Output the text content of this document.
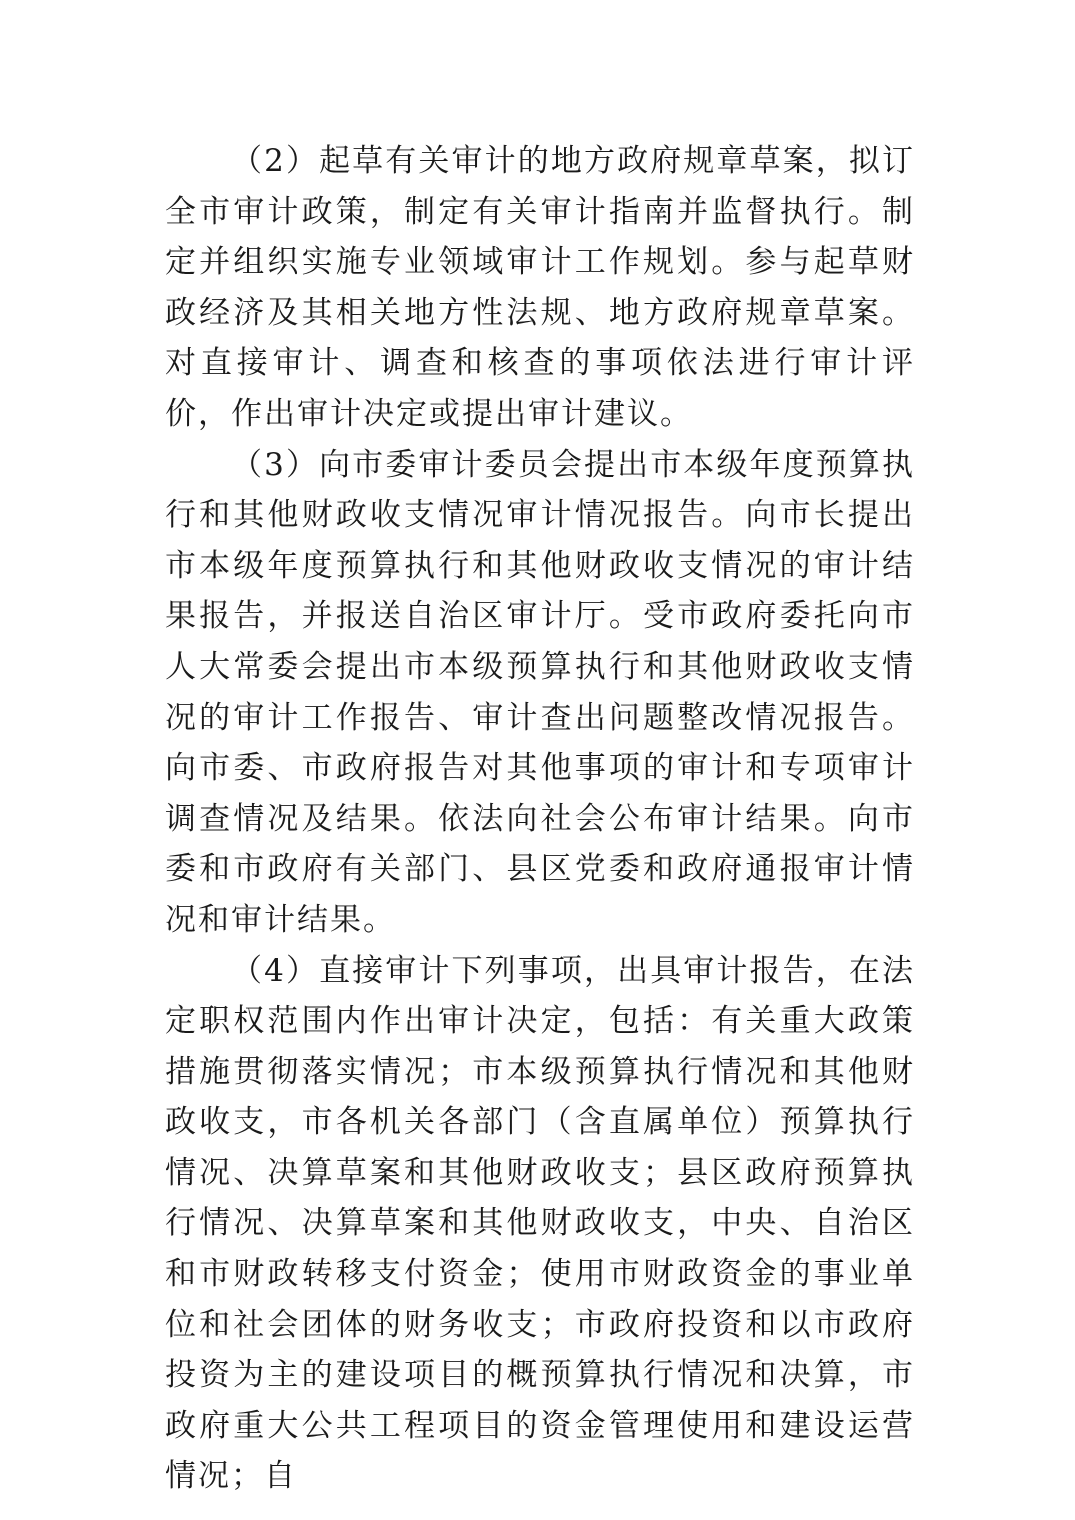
（2）起草有关审计的地方政府规章草案，拟订全市审计政策，制定有关审计指南并监督执行。制定并组织实施专业领域审计工作规划。参与起草财政经济及其相关地方性法规、地方政府规章草案。对直接审计、调查和核查的事项依法进行审计评价，作出审计决定或提出审计建议。

（3）向市委审计委员会提出市本级年度预算执行和其他财政收支情况审计情况报告。向市长提出市本级年度预算执行和其他财政收支情况的审计结果报告，并报送自治区审计厅。受市政府委托向市人大常委会提出市本级预算执行和其他财政收支情况的审计工作报告、审计查出问题整改情况报告。向市委、市政府报告对其他事项的审计和专项审计调查情况及结果。依法向社会公布审计结果。向市委和市政府有关部门、县区党委和政府通报审计情况和审计结果。

（4）直接审计下列事项，出具审计报告，在法定职权范围内作出审计决定，包括：有关重大政策措施贯彻落实情况；市本级预算执行情况和其他财政收支，市各机关各部门（含直属单位）预算执行情况、决算草案和其他财政收支；县区政府预算执行情况、决算草案和其他财政收支，中央、自治区和市财政转移支付资金；使用市财政资金的事业单位和社会团体的财务收支；市政府投资和以市政府投资为主的建设项目的概预算执行情况和决算，市政府重大公共工程项目的资金管理使用和建设运营情况；自
